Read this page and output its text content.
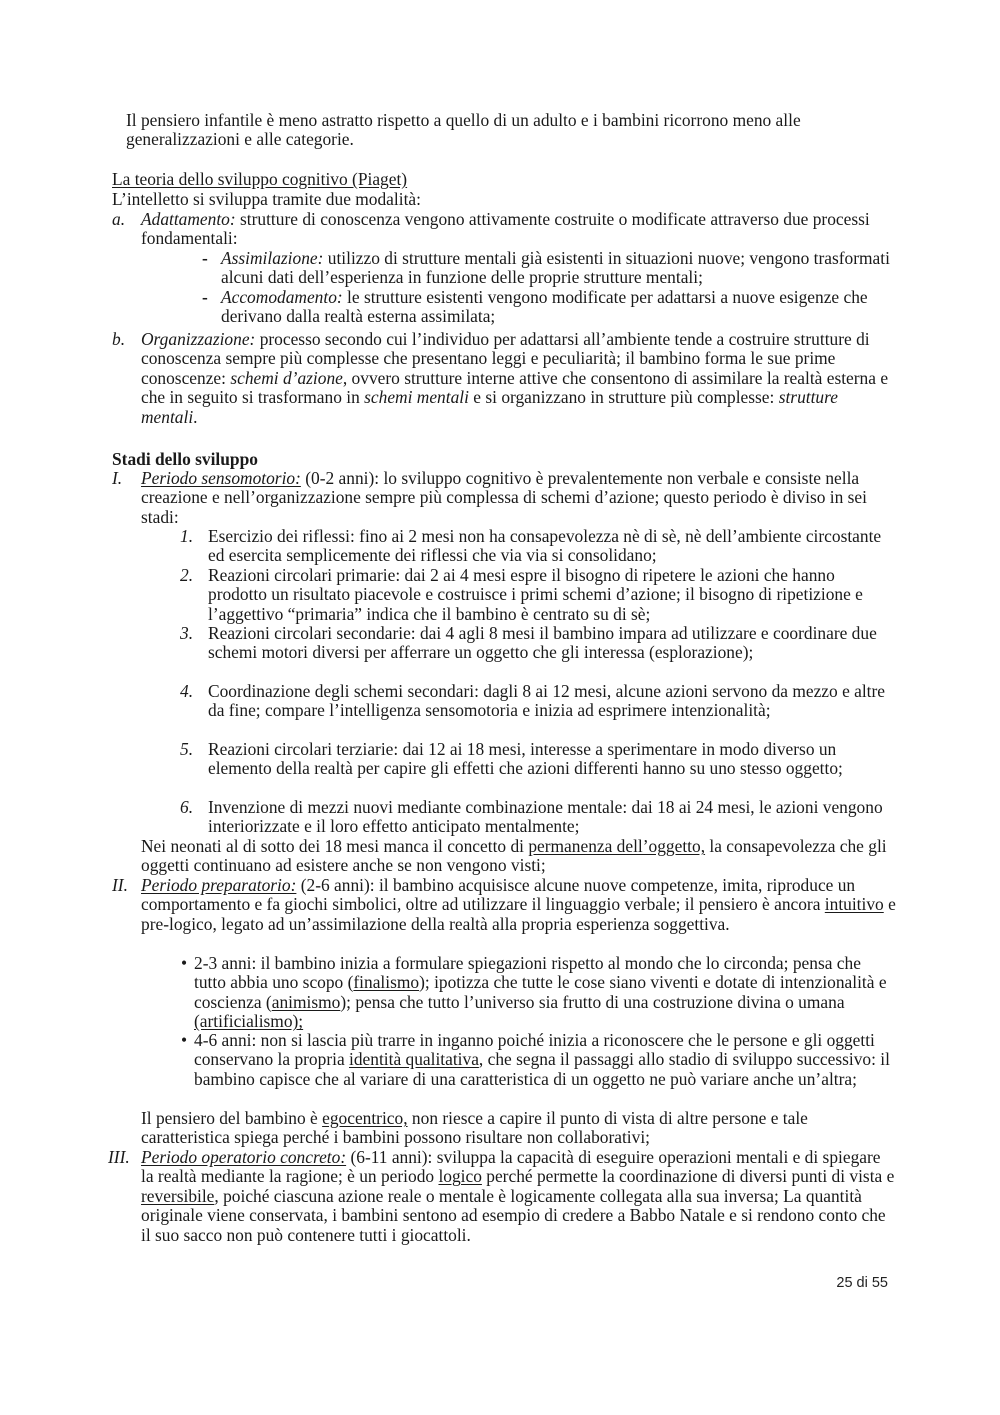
Il pensiero infantile è meno astratto rispetto a quello di un adulto e i bambini ricorrono meno alle generalizzazioni e alle categorie.
La teoria dello sviluppo cognitivo (Piaget)
L’intelletto si sviluppa tramite due modalità:
a. Adattamento: strutture di conoscenza vengono attivamente costruite o modificate attraverso due processi fondamentali:
- Assimilazione: utilizzo di strutture mentali già esistenti in situazioni nuove; vengono trasformati alcuni dati dell’esperienza in funzione delle proprie strutture mentali;
- Accomodamento: le strutture esistenti vengono modificate per adattarsi a nuove esigenze che derivano dalla realtà esterna assimilata;
b. Organizzazione: processo secondo cui l’individuo per adattarsi all’ambiente tende a costruire strutture di conoscenza sempre più complesse che presentano leggi e peculiarità; il bambino forma le sue prime conoscenze: schemi d’azione, ovvero strutture interne attive che consentono di assimilare la realtà esterna e che in seguito si trasformano in schemi mentali e si organizzano in strutture più complesse: strutture mentali.
Stadi dello sviluppo
I. Periodo sensomotorio: (0-2 anni): lo sviluppo cognitivo è prevalentemente non verbale e consiste nella creazione e nell’organizzazione sempre più complessa di schemi d’azione; questo periodo è diviso in sei stadi:
1. Esercizio dei riflessi: fino ai 2 mesi non ha consapevolezza nè di sè, nè dell’ambiente circostante ed esercita semplicemente dei riflessi che via via si consolidano;
2. Reazioni circolari primarie: dai 2 ai 4 mesi espre il bisogno di ripetere le azioni che hanno prodotto un risultato piacevole e costruisce i primi schemi d’azione; il bisogno di ripetizione e l’aggettivo “primaria” indica che il bambino è centrato su di sè;
3. Reazioni circolari secondarie: dai 4 agli 8 mesi il bambino impara ad utilizzare e coordinare due schemi motori diversi per afferrare un oggetto che gli interessa (esplorazione);
4. Coordinazione degli schemi secondari: dagli 8 ai 12 mesi, alcune azioni servono da mezzo e altre da fine; compare l’intelligenza sensomotoria e inizia ad esprimere intenzionalità;
5. Reazioni circolari terziarie: dai 12 ai 18 mesi, interesse a sperimentare in modo diverso un elemento della realtà per capire gli effetti che azioni differenti hanno su uno stesso oggetto;
6. Invenzione di mezzi nuovi mediante combinazione mentale: dai 18 ai 24 mesi, le azioni vengono interiorizzate e il loro effetto anticipato mentalmente;
Nei neonati al di sotto dei 18 mesi manca il concetto di permanenza dell’oggetto, la consapevolezza che gli oggetti continuano ad esistere anche se non vengono visti;
II. Periodo preparatorio: (2-6 anni): il bambino acquisisce alcune nuove competenze, imita, riproduce un comportamento e fa giochi simbolici, oltre ad utilizzare il linguaggio verbale; il pensiero è ancora intuitivo e pre-logico, legato ad un’assimilazione della realtà alla propria esperienza soggettiva.
• 2-3 anni: il bambino inizia a formulare spiegazioni rispetto al mondo che lo circonda; pensa che tutto abbia uno scopo (finalismo); ipotizza che tutte le cose siano viventi e dotate di intenzionalità e coscienza (animismo); pensa che tutto l’universo sia frutto di una costruzione divina o umana (artificialismo);
• 4-6 anni: non si lascia più trarre in inganno poiché inizia a riconoscere che le persone e gli oggetti conservano la propria identità qualitativa, che segna il passaggi allo stadio di sviluppo successivo: il bambino capisce che al variare di una caratteristica di un oggetto ne può variare anche un’altra;
Il pensiero del bambino è egocentrico, non riesce a capire il punto di vista di altre persone e tale caratteristica spiega perché i bambini possono risultare non collaborativi;
III. Periodo operatorio concreto: (6-11 anni): sviluppa la capacità di eseguire operazioni mentali e di spiegare la realtà mediante la ragione; è un periodo logico perché permette la coordinazione di diversi punti di vista e reversibile, poiché ciascuna azione reale o mentale è logicamente collegata alla sua inversa; La quantità originale viene conservata, i bambini sentono ad esempio di credere a Babbo Natale e si rendono conto che il suo sacco non può contenere tutti i giocattoli.
25 di 55
